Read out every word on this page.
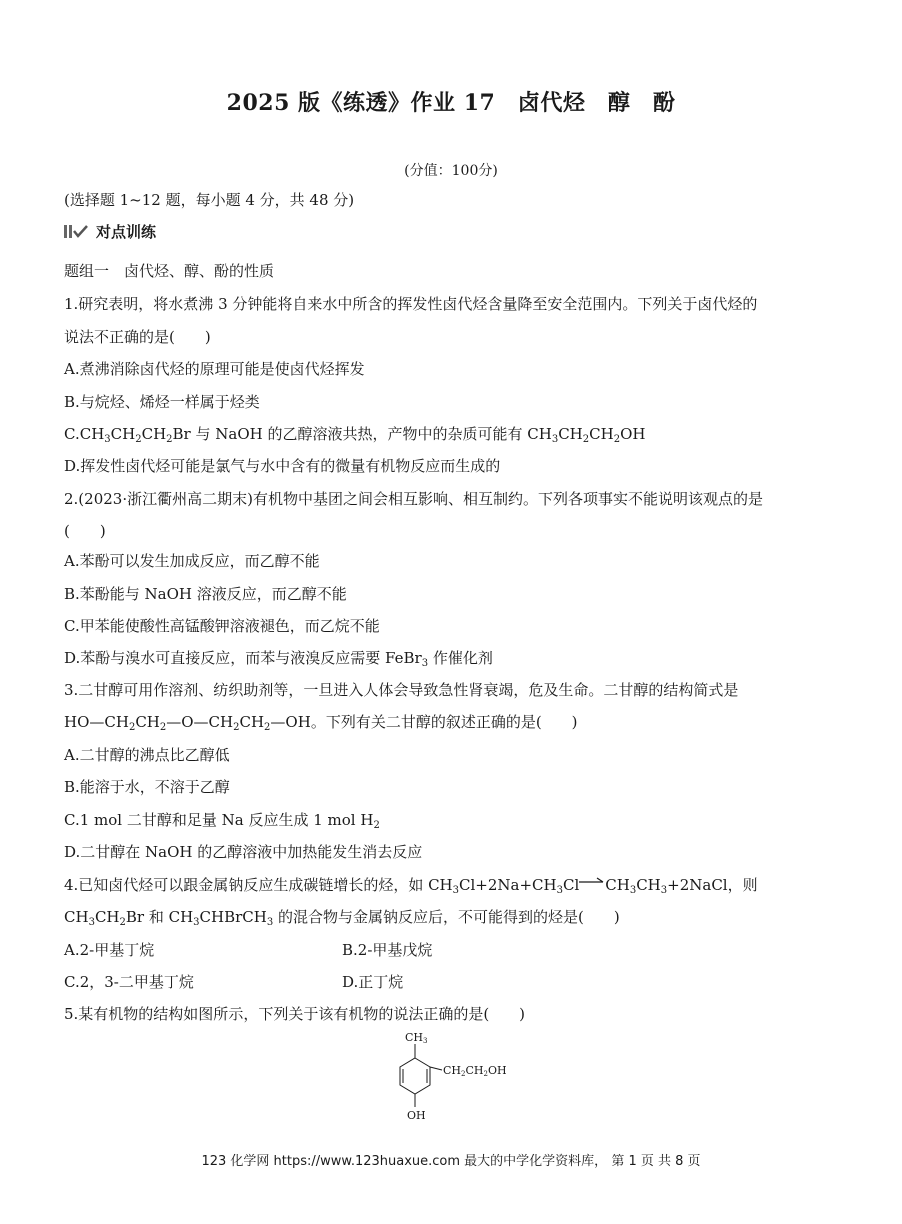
2025 版《练透》作业 17　卤代烃　醇　酚
(分值：100分)
(选择题 1~12 题，每小题 4 分，共 48 分)
对点训练
题组一　卤代烃、醇、酚的性质
1.研究表明，将水煮沸 3 分钟能将自来水中所含的挥发性卤代烃含量降至安全范围内。下列关于卤代烃的
说法不正确的是(　　)
A.煮沸消除卤代烃的原理可能是使卤代烃挥发
B.与烷烃、烯烃一样属于烃类
$C.CH_3CH_2CH_2Br$ 与 NaOH 的乙醇溶液共热，产物中的杂质可能有 $CH_3CH_2CH_2OH$
D.挥发性卤代烃可能是氯气与水中含有的微量有机物反应而生成的
2.(2023·浙江衢州高二期末)有机物中基团之间会相互影响、相互制约。下列各项事实不能说明该观点的是
(　　)
A.苯酚可以发生加成反应，而乙醇不能
B.苯酚能与 NaOH 溶液反应，而乙醇不能
C.甲苯能使酸性高锰酸钾溶液褪色，而乙烷不能
D.苯酚与溴水可直接反应，而苯与液溴反应需要 FeBr$_3$ 作催化剂
3.二甘醇可用作溶剂、纺织助剂等，一旦进入人体会导致急性肾衰竭，危及生命。二甘醇的结构简式是
$HO—CH_2CH_2—O—CH_2CH_2—OH$。下列有关二甘醇的叙述正确的是(　　)
A.二甘醇的沸点比乙醇低
B.能溶于水，不溶于乙醇
C.1 mol 二甘醇和足量 Na 反应生成 1 mol $H_2$
D.二甘醇在 NaOH 的乙醇溶液中加热能发生消去反应
4.已知卤代烃可以跟金属钠反应生成碳链增长的烃，如 $CH_3Cl+2Na+CH_3Cl$ $CH_3CH_3+2NaCl$，则
$CH_3CH_2Br$ 和 $CH_3CHBrCH_3$ 的混合物与金属钠反应后，不可能得到的烃是(　　)
A.2-甲基丁烷	B.2-甲基戊烷
C.2，3-二甲基丁烷	D.正丁烷
5.某有机物的结构如图所示，下列关于该有机物的说法正确的是(　　)
CH3
CH2CH2OH
OH
123 化学网 https://www.123huaxue.com 最大的中学化学资料库， 第 1 页 共 8 页
